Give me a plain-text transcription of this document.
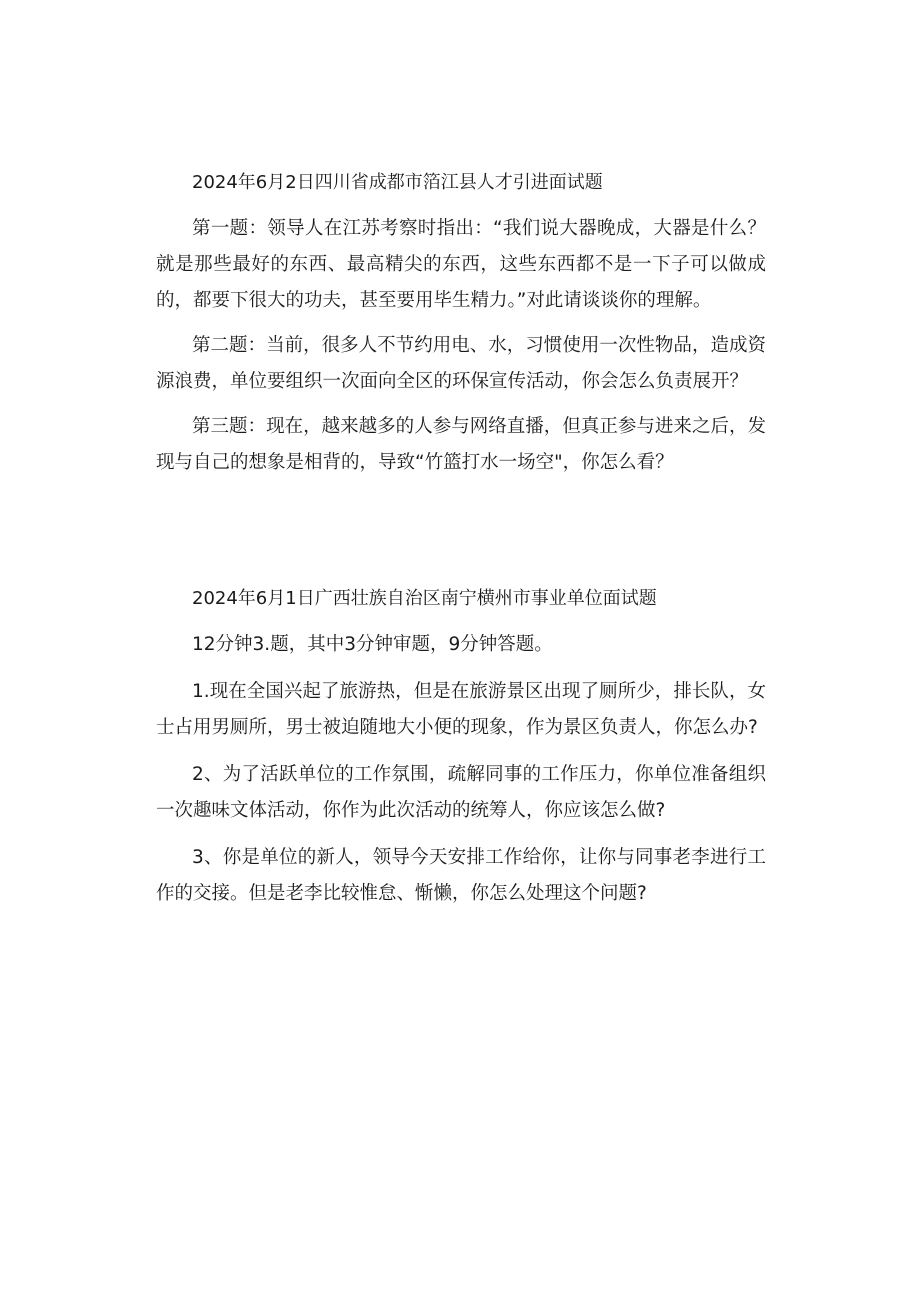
2024年6月2日四川省成都市箔江县人才引进面试题

第一题：领导人在江苏考察时指出：“我们说大器晚成，大器是什么？就是那些最好的东西、最高精尖的东西，这些东西都不是一下子可以做成的，都要下很大的功夫，甚至要用毕生精力。”对此请谈谈你的理解。

第二题：当前，很多人不节约用电、水，习惯使用一次性物品，造成资源浪费，单位要组织一次面向全区的环保宣传活动，你会怎么负责展开？

第三题：现在，越来越多的人参与网络直播，但真正参与进来之后，发现与自己的想象是相背的，导致“竹篮打水一场空"，你怎么看？

2024年6月1日广西壮族自治区南宁横州市事业单位面试题

12分钟3.题，其中3分钟审题，9分钟答题。

1.现在全国兴起了旅游热，但是在旅游景区出现了厕所少，排长队，女士占用男厕所，男士被迫随地大小便的现象，作为景区负责人，你怎么办?

2、为了活跃单位的工作氛围，疏解同事的工作压力，你单位准备组织一次趣味文体活动，你作为此次活动的统筹人，你应该怎么做?

3、你是单位的新人，领导今天安排工作给你，让你与同事老李进行工作的交接。但是老李比较惟怠、惭懒，你怎么处理这个问题?
